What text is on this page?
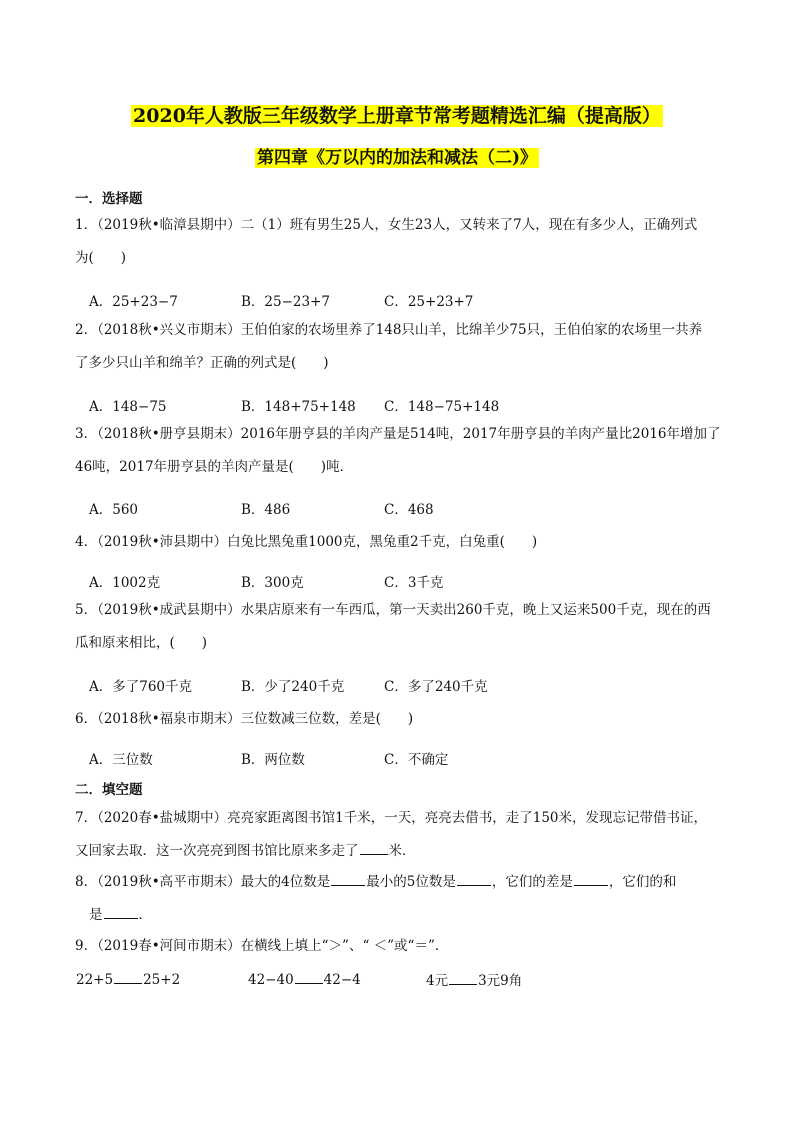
2020年人教版三年级数学上册章节常考题精选汇编（提高版）
第四章《万以内的加法和减法（二)》
一．选择题
1．（2019秋•临漳县期中）二（1）班有男生25人，女生23人，又转来了7人，现在有多少人，正确列式
为(　　)
A．25+23−7	B．25−23+7	C．25+23+7
2．（2018秋•兴义市期末）王伯伯家的农场里养了148只山羊，比绵羊少75只，王伯伯家的农场里一共养
了多少只山羊和绵羊？正确的列式是(　　)
A．148−75	B．148+75+148 C．148−75+148
3．（2018秋•册亨县期末）2016年册亨县的羊肉产量是514吨，2017年册亨县的羊肉产量比2016年增加了
46吨，2017年册亨县的羊肉产量是(　　)吨．
A．560	B．486	C．468
4．（2019秋•沛县期中）白兔比黑兔重1000克，黑兔重2千克，白兔重(　　)
A．1002克	B．300克	C．3千克
5．（2019秋•成武县期中）水果店原来有一车西瓜，第一天卖出260千克，晚上又运来500千克，现在的西
瓜和原来相比，(　　)
A．多了760千克	B．少了240千克	C．多了240千克
6．（2018秋•福泉市期末）三位数减三位数，差是(　　)
A．三位数	B．两位数	C．不确定
二．填空题
7．（2020春•盐城期中）亮亮家距离图书馆1千米，一天，亮亮去借书，走了150米，发现忘记带借书证，
又回家去取．这一次亮亮到图书馆比原来多走了 米．
8．（2019秋•高平市期末）最大的4位数是	最小的5位数是	，它们的差是	，它们的和
是	．
9．（2019春•河间市期末）在横线上填上“＞”、“ ＜”或“＝”．
22+5 25+2	42−40 42−4	4元 3元9角
